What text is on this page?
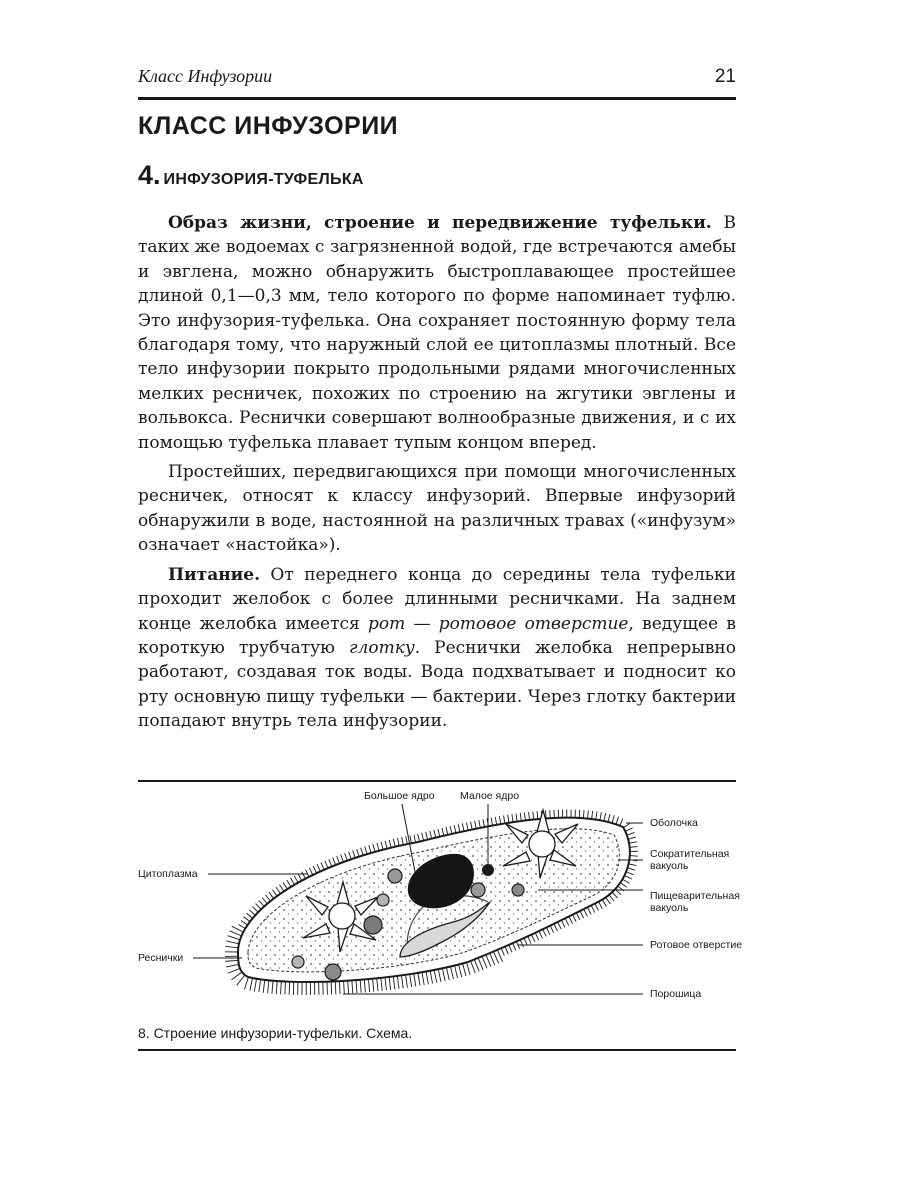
Класс Инфузории	21
КЛАСС ИНФУЗОРИИ
4. ИНФУЗОРИЯ-ТУФЕЛЬКА

Образ жизни, строение и передвижение туфельки. В таких же водоемах с загрязненной водой, где встречаются амебы и эвглена, можно обнаружить быстроплавающее простейшее длиной 0,1—0,3 мм, тело которого по форме напоминает туфлю. Это инфузория-туфелька. Она сохраняет постоянную форму тела благодаря тому, что наружный слой ее цитоплазмы плотный. Все тело инфузории покрыто продольными рядами многочисленных мелких ресничек, похожих по строению на жгутики эвглены и вольвокса. Реснички совершают волнообразные движения, и с их помощью туфелька плавает тупым концом вперед.

Простейших, передвигающихся при помощи многочисленных ресничек, относят к классу инфузорий. Впервые инфузорий обнаружили в воде, настоянной на различных травах («инфузум» означает «настойка»).

Питание. От переднего конца до середины тела туфельки проходит желобок с более длинными ресничками. На заднем конце желобка имеется рот — ротовое отверстие, ведущее в короткую трубчатую глотку. Реснички желобка непрерывно работают, создавая ток воды. Вода подхватывает и подносит ко рту основную пищу туфельки — бактерии. Через глотку бактерии попадают внутрь тела инфузории.

Большое ядро Малое ядро
Оболочка
Сократительная
вакуоль
Цитоплазма
Пищеварительная
вакуоль
Ротовое отверстие
Реснички
Порошица
8. Строение инфузории-туфельки. Схема.
